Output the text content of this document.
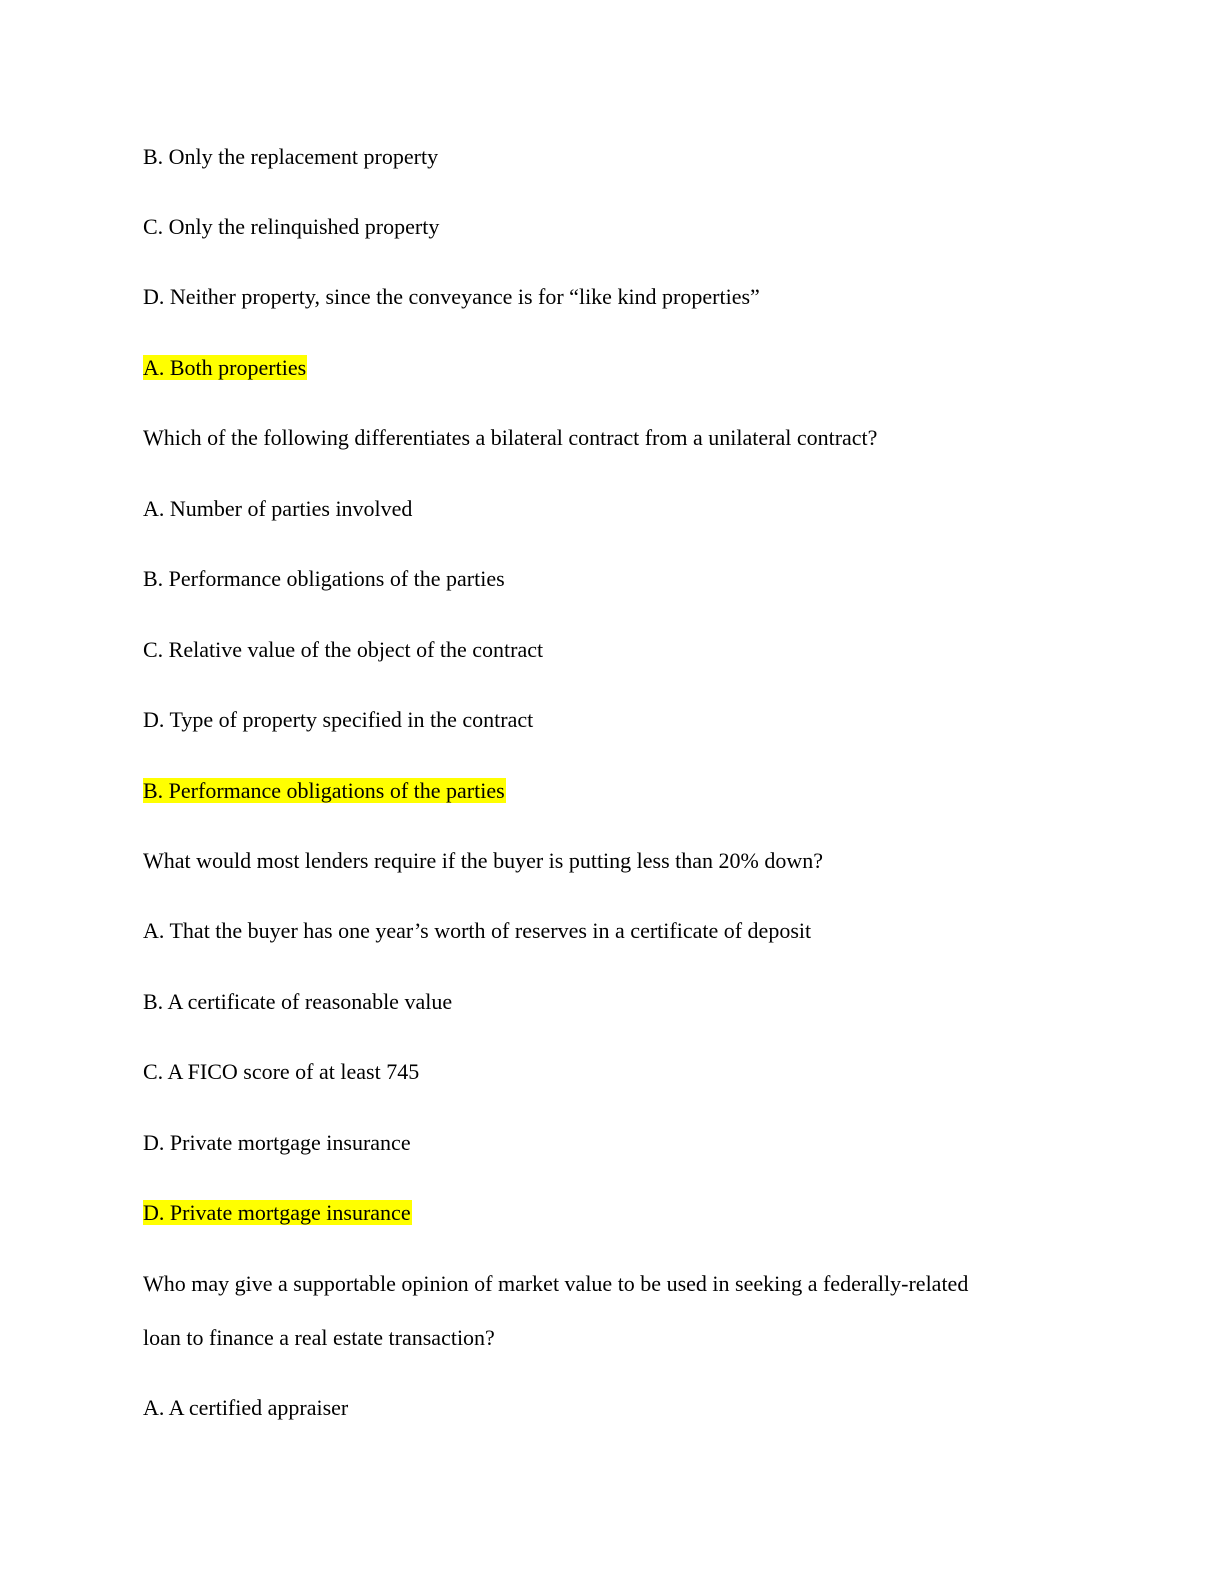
B. Only the replacement property
C. Only the relinquished property
D. Neither property, since the conveyance is for “like kind properties”
A. Both properties
Which of the following differentiates a bilateral contract from a unilateral contract?
A. Number of parties involved
B. Performance obligations of the parties
C. Relative value of the object of the contract
D. Type of property specified in the contract
B. Performance obligations of the parties
What would most lenders require if the buyer is putting less than 20% down?
A. That the buyer has one year’s worth of reserves in a certificate of deposit
B. A certificate of reasonable value
C. A FICO score of at least 745
D. Private mortgage insurance
D. Private mortgage insurance
Who may give a supportable opinion of market value to be used in seeking a federally-related
loan to finance a real estate transaction?
A. A certified appraiser
